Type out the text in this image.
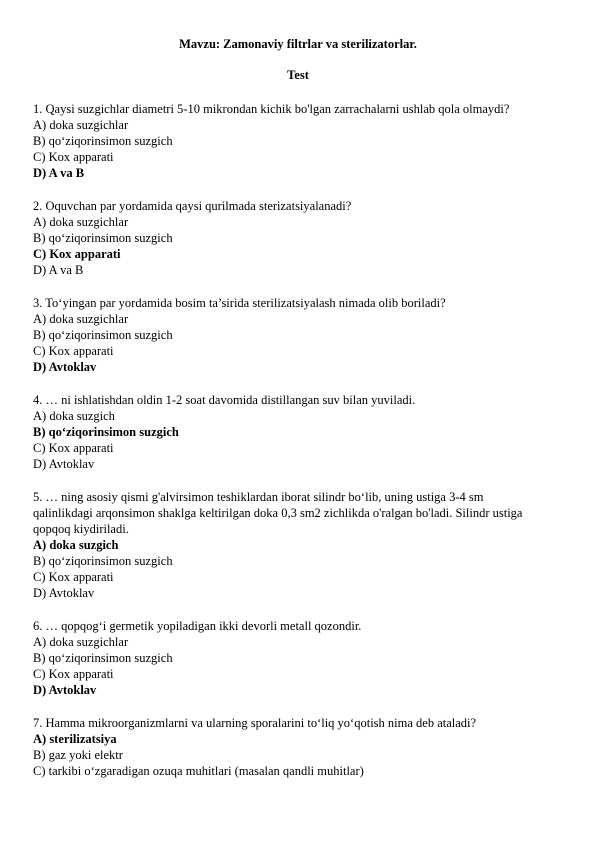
Mavzu: Zamonaviy filtrlar va sterilizatorlar.

Test

1. Qaysi suzgichlar diametri 5-10 mikrondan kichik bo'lgan zarrachalarni ushlab qola olmaydi?

A) doka suzgichlar

B) qo‘ziqorinsimon suzgich

C) Kox apparati

D) A va B

2. Oquvchan par yordamida qaysi qurilmada sterizatsiyalanadi?

A) doka suzgichlar

B) qo‘ziqorinsimon suzgich

C) Kox apparati

D) A va B

3. To‘yingan par yordamida bosim ta’sirida sterilizatsiyalash nimada olib boriladi?

A) doka suzgichlar

B) qo‘ziqorinsimon suzgich

C) Kox apparati

D) Avtoklav

4. … ni ishlatishdan oldin 1-2 soat davomida distillangan suv bilan yuviladi.

A) doka suzgich

B) qo‘ziqorinsimon suzgich

C) Kox apparati

D) Avtoklav

5. … ning asosiy qismi g'alvirsimon teshiklardan iborat silindr bo‘lib, uning ustiga 3-4 sm qalinlikdagi arqonsimon shaklga keltirilgan doka 0,3 sm2 zichlikda o'ralgan bo'ladi. Silindr ustiga qopqoq kiydiriladi.

A) doka suzgich

B) qo‘ziqorinsimon suzgich

C) Kox apparati

D) Avtoklav

6. … qopqog‘i germetik yopiladigan ikki devorli metall qozondir.

A) doka suzgichlar

B) qo‘ziqorinsimon suzgich

C) Kox apparati

D) Avtoklav

7. Hamma mikroorganizmlarni va ularning sporalarini to‘liq yo‘qotish nima deb ataladi?

A) sterilizatsiya

B) gaz yoki elektr

C) tarkibi o‘zgaradigan ozuqa muhitlari (masalan qandli muhitlar)
